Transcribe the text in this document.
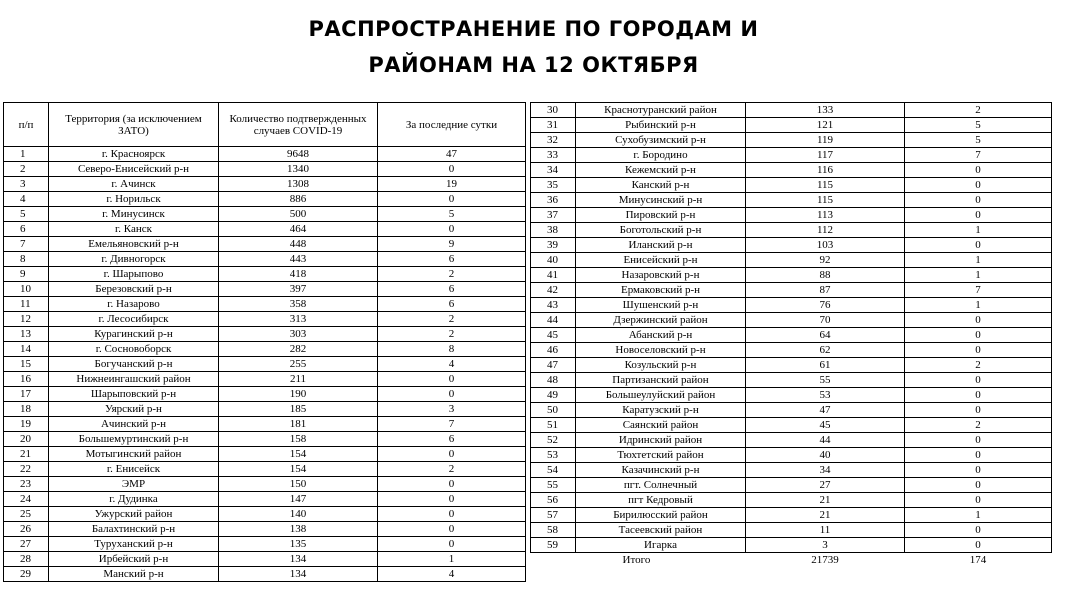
РАСПРОСТРАНЕНИЕ ПО ГОРОДАМ И
РАЙОНАМ НА 12 ОКТЯБРЯ
п/п	Территория (за исключением ЗАТО)	Количество подтвержденных случаев COVID-19	За последние сутки
1	г. Красноярск	9648	47
2	Северо-Енисейский р-н	1340	0
3	г. Ачинск	1308	19
4	г. Норильск	886	0
5	г. Минусинск	500	5
6	г. Канск	464	0
7	Емельяновский р-н	448	9
8	г. Дивногорск	443	6
9	г. Шарыпово	418	2
10	Березовский р-н	397	6
11	г. Назарово	358	6
12	г. Лесосибирск	313	2
13	Курагинский р-н	303	2
14	г. Сосновоборск	282	8
15	Богучанский р-н	255	4
16	Нижнеингашский район	211	0
17	Шарыповский р-н	190	0
18	Уярский р-н	185	3
19	Ачинский р-н	181	7
20	Большемуртинский р-н	158	6
21	Мотыгинский район	154	0
22	г. Енисейск	154	2
23	ЭМР	150	0
24	г. Дудинка	147	0
25	Ужурский район	140	0
26	Балахтинский р-н	138	0
27	Туруханский р-н	135	0
28	Ирбейский р-н	134	1
29	Манский р-н	134	4
30	Краснотуранский район	133	2
31	Рыбинский р-н	121	5
32	Сухобузимский р-н	119	5
33	г. Бородино	117	7
34	Кежемский р-н	116	0
35	Канский р-н	115	0
36	Минусинский р-н	115	0
37	Пировский р-н	113	0
38	Боготольский р-н	112	1
39	Иланский р-н	103	0
40	Енисейский р-н	92	1
41	Назаровский р-н	88	1
42	Ермаковский р-н	87	7
43	Шушенский р-н	76	1
44	Дзержинский район	70	0
45	Абанский р-н	64	0
46	Новоселовский р-н	62	0
47	Козульский р-н	61	2
48	Партизанский район	55	0
49	Большеулуйский район	53	0
50	Каратузский р-н	47	0
51	Саянский район	45	2
52	Идринский район	44	0
53	Тюхтетский район	40	0
54	Казачинский р-н	34	0
55	пгт. Солнечный	27	0
56	пгт Кедровый	21	0
57	Бирилюсский район	21	1
58	Тасеевский район	11	0
59	Игарка	3	0
Итого		21739	174
